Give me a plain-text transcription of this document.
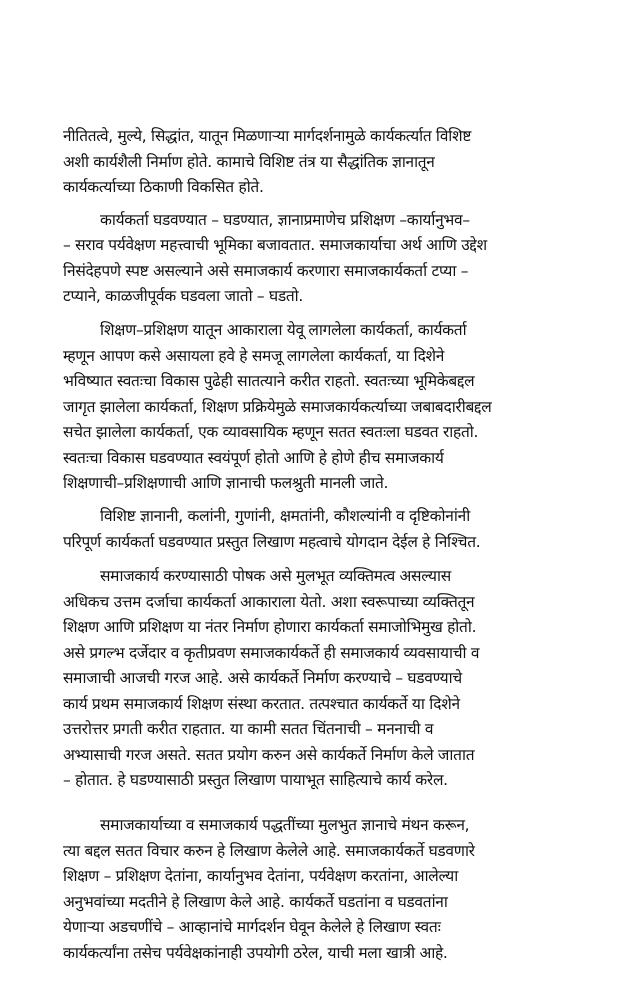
नीतितत्वे, मुल्ये, सिद्धांत, यातून मिळणाऱ्या मार्गदर्शनामुळे कार्यकर्त्यात विशिष्ट
अशी कार्यशैली निर्माण होते. कामाचे विशिष्ट तंत्र या सैद्धांतिक ज्ञानातून
कार्यकर्त्याच्या ठिकाणी विकसित होते.
कार्यकर्ता घडवण्यात – घडण्यात, ज्ञानाप्रमाणेच प्रशिक्षण –कार्यानुभव–
– सराव पर्यवेक्षण महत्त्वाची भूमिका बजावतात. समाजकार्याचा अर्थ आणि उद्देश
निसंदेहपणे स्पष्ट असल्याने असे समाजकार्य करणारा समाजकार्यकर्ता टप्या –
टप्याने, काळजीपूर्वक घडवला जातो – घडतो.
शिक्षण–प्रशिक्षण यातून आकाराला येवू लागलेला कार्यकर्ता, कार्यकर्ता
म्हणून आपण कसे असायला हवे हे समजू लागलेला कार्यकर्ता, या दिशेने
भविष्यात स्वतःचा विकास पुढेही सातत्याने करीत राहतो. स्वतःच्या भूमिकेबद्दल
जागृत झालेला कार्यकर्ता, शिक्षण प्रक्रियेमुळे समाजकार्यकर्त्याच्या जबाबदारीबद्दल
सचेत झालेला कार्यकर्ता, एक व्यावसायिक म्हणून सतत स्वतःला घडवत राहतो.
स्वतःचा विकास घडवण्यात स्वयंपूर्ण होतो आणि हे होणे हीच समाजकार्य
शिक्षणाची–प्रशिक्षणाची आणि ज्ञानाची फलश्रुती मानली जाते.
विशिष्ट ज्ञानानी, कलांनी, गुणांनी, क्षमतांनी, कौशल्यांनी व दृष्टिकोनांनी
परिपूर्ण कार्यकर्ता घडवण्यात प्रस्तुत लिखाण महत्वाचे योगदान देईल हे निश्चित.
समाजकार्य करण्यासाठी पोषक असे मुलभूत व्यक्तिमत्व असल्यास
अधिकच उत्तम दर्जाचा कार्यकर्ता आकाराला येतो. अशा स्वरूपाच्या व्यक्तितून
शिक्षण आणि प्रशिक्षण या नंतर निर्माण होणारा कार्यकर्ता समाजोभिमुख होतो.
असे प्रगल्भ दर्जेदार व कृतीप्रवण समाजकार्यकर्ते ही समाजकार्य व्यवसायाची व
समाजाची आजची गरज आहे. असे कार्यकर्ते निर्माण करण्याचे – घडवण्याचे
कार्य प्रथम समाजकार्य शिक्षण संस्था करतात. तत्पश्चात कार्यकर्ते या दिशेने
उत्तरोत्तर प्रगती करीत राहतात. या कामी सतत चिंतनाची – मननाची व
अभ्यासाची गरज असते. सतत प्रयोग करुन असे कार्यकर्ते निर्माण केले जातात
– होतात. हे घडण्यासाठी प्रस्तुत लिखाण पायाभूत साहित्याचे कार्य करेल.
समाजकार्याच्या व समाजकार्य पद्धतींच्या मुलभुत ज्ञानाचे मंथन करून,
त्या बद्दल सतत विचार करुन हे लिखाण केलेले आहे. समाजकार्यकर्ते घडवणारे
शिक्षण – प्रशिक्षण देतांना, कार्यानुभव देतांना, पर्यवेक्षण करतांना, आलेल्या
अनुभवांच्या मदतीने हे लिखाण केले आहे. कार्यकर्ते घडतांना व घडवतांना
येणाऱ्या अडचणींचे – आव्हानांचे मार्गदर्शन घेवून केलेले हे लिखाण स्वतः
कार्यकर्त्यांना तसेच पर्यवेक्षकांनाही उपयोगी ठरेल, याची मला खात्री आहे.
